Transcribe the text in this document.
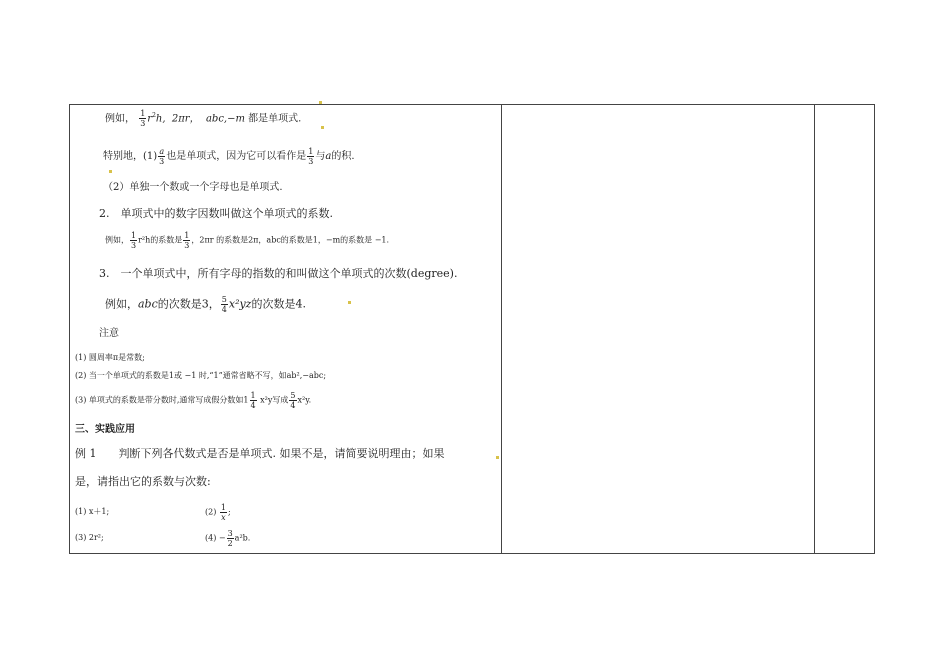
例如， $\frac{1}{3} r^2h$, 2πr， abc,−m 都是单项式.
特别地，$(1) \frac{a}{3}$ 也是单项式，因为它可以看作是 $\frac{1}{3}$ 与a的积.
（2）单独一个数或一个字母也是单项式.
2.　单项式中的数字因数叫做这个单项式的系数.
例如， $\frac{1}{3} r^2h$的系数是 $\frac{1}{3}$ ，2πr 的系数是2π，abc的系数是1，−m的系数是 −1.
3.　一个单项式中，所有字母的指数的和叫做这个单项式的次数(degree).
例如，abc的次数是3， $\frac{5}{4} x^2yz$的次数是4.
注意
(1) 圆周率π是常数;
(2) 当一个单项式的系数是1或 −1 时,“1”通常省略不写，如ab²,−abc;
(3) 单项式的系数是带分数时,通常写成假分数如$1 \frac{1}{4} x^2y$写成 $\frac{5}{4} x^2y$.
三、实践应用
例 1　　判断下列各代数式是否是单项式. 如果不是，请简要说明理由；如果
是，请指出它的系数与次数:
(1) x＋1;	$(2) \frac{1}{x}$ ;
(3) 2r²;	$(4) - \frac{3}{2} a^2b$.
